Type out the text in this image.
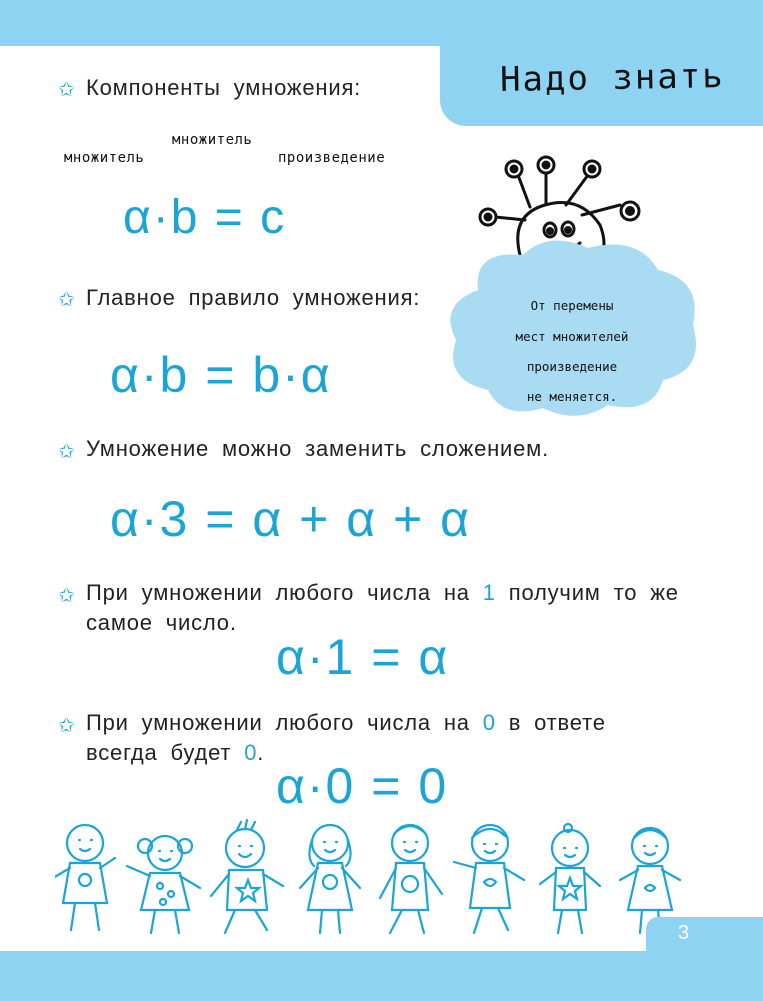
Надо знать
✩ Компоненты умножения:
множитель
множитель
произведение
α·b = c
✩ Главное правило умножения:
α·b = b·α
✩ Умножение можно заменить сложением.
α·3 = α + α + α
✩ При умножении любого числа на 1 получим то же
самое число.
α·1 = α
✩ При умножении любого числа на 0 в ответе
всегда будет 0.
α·0 = 0
От перемены
мест множителей
произведение
не меняется.
3
